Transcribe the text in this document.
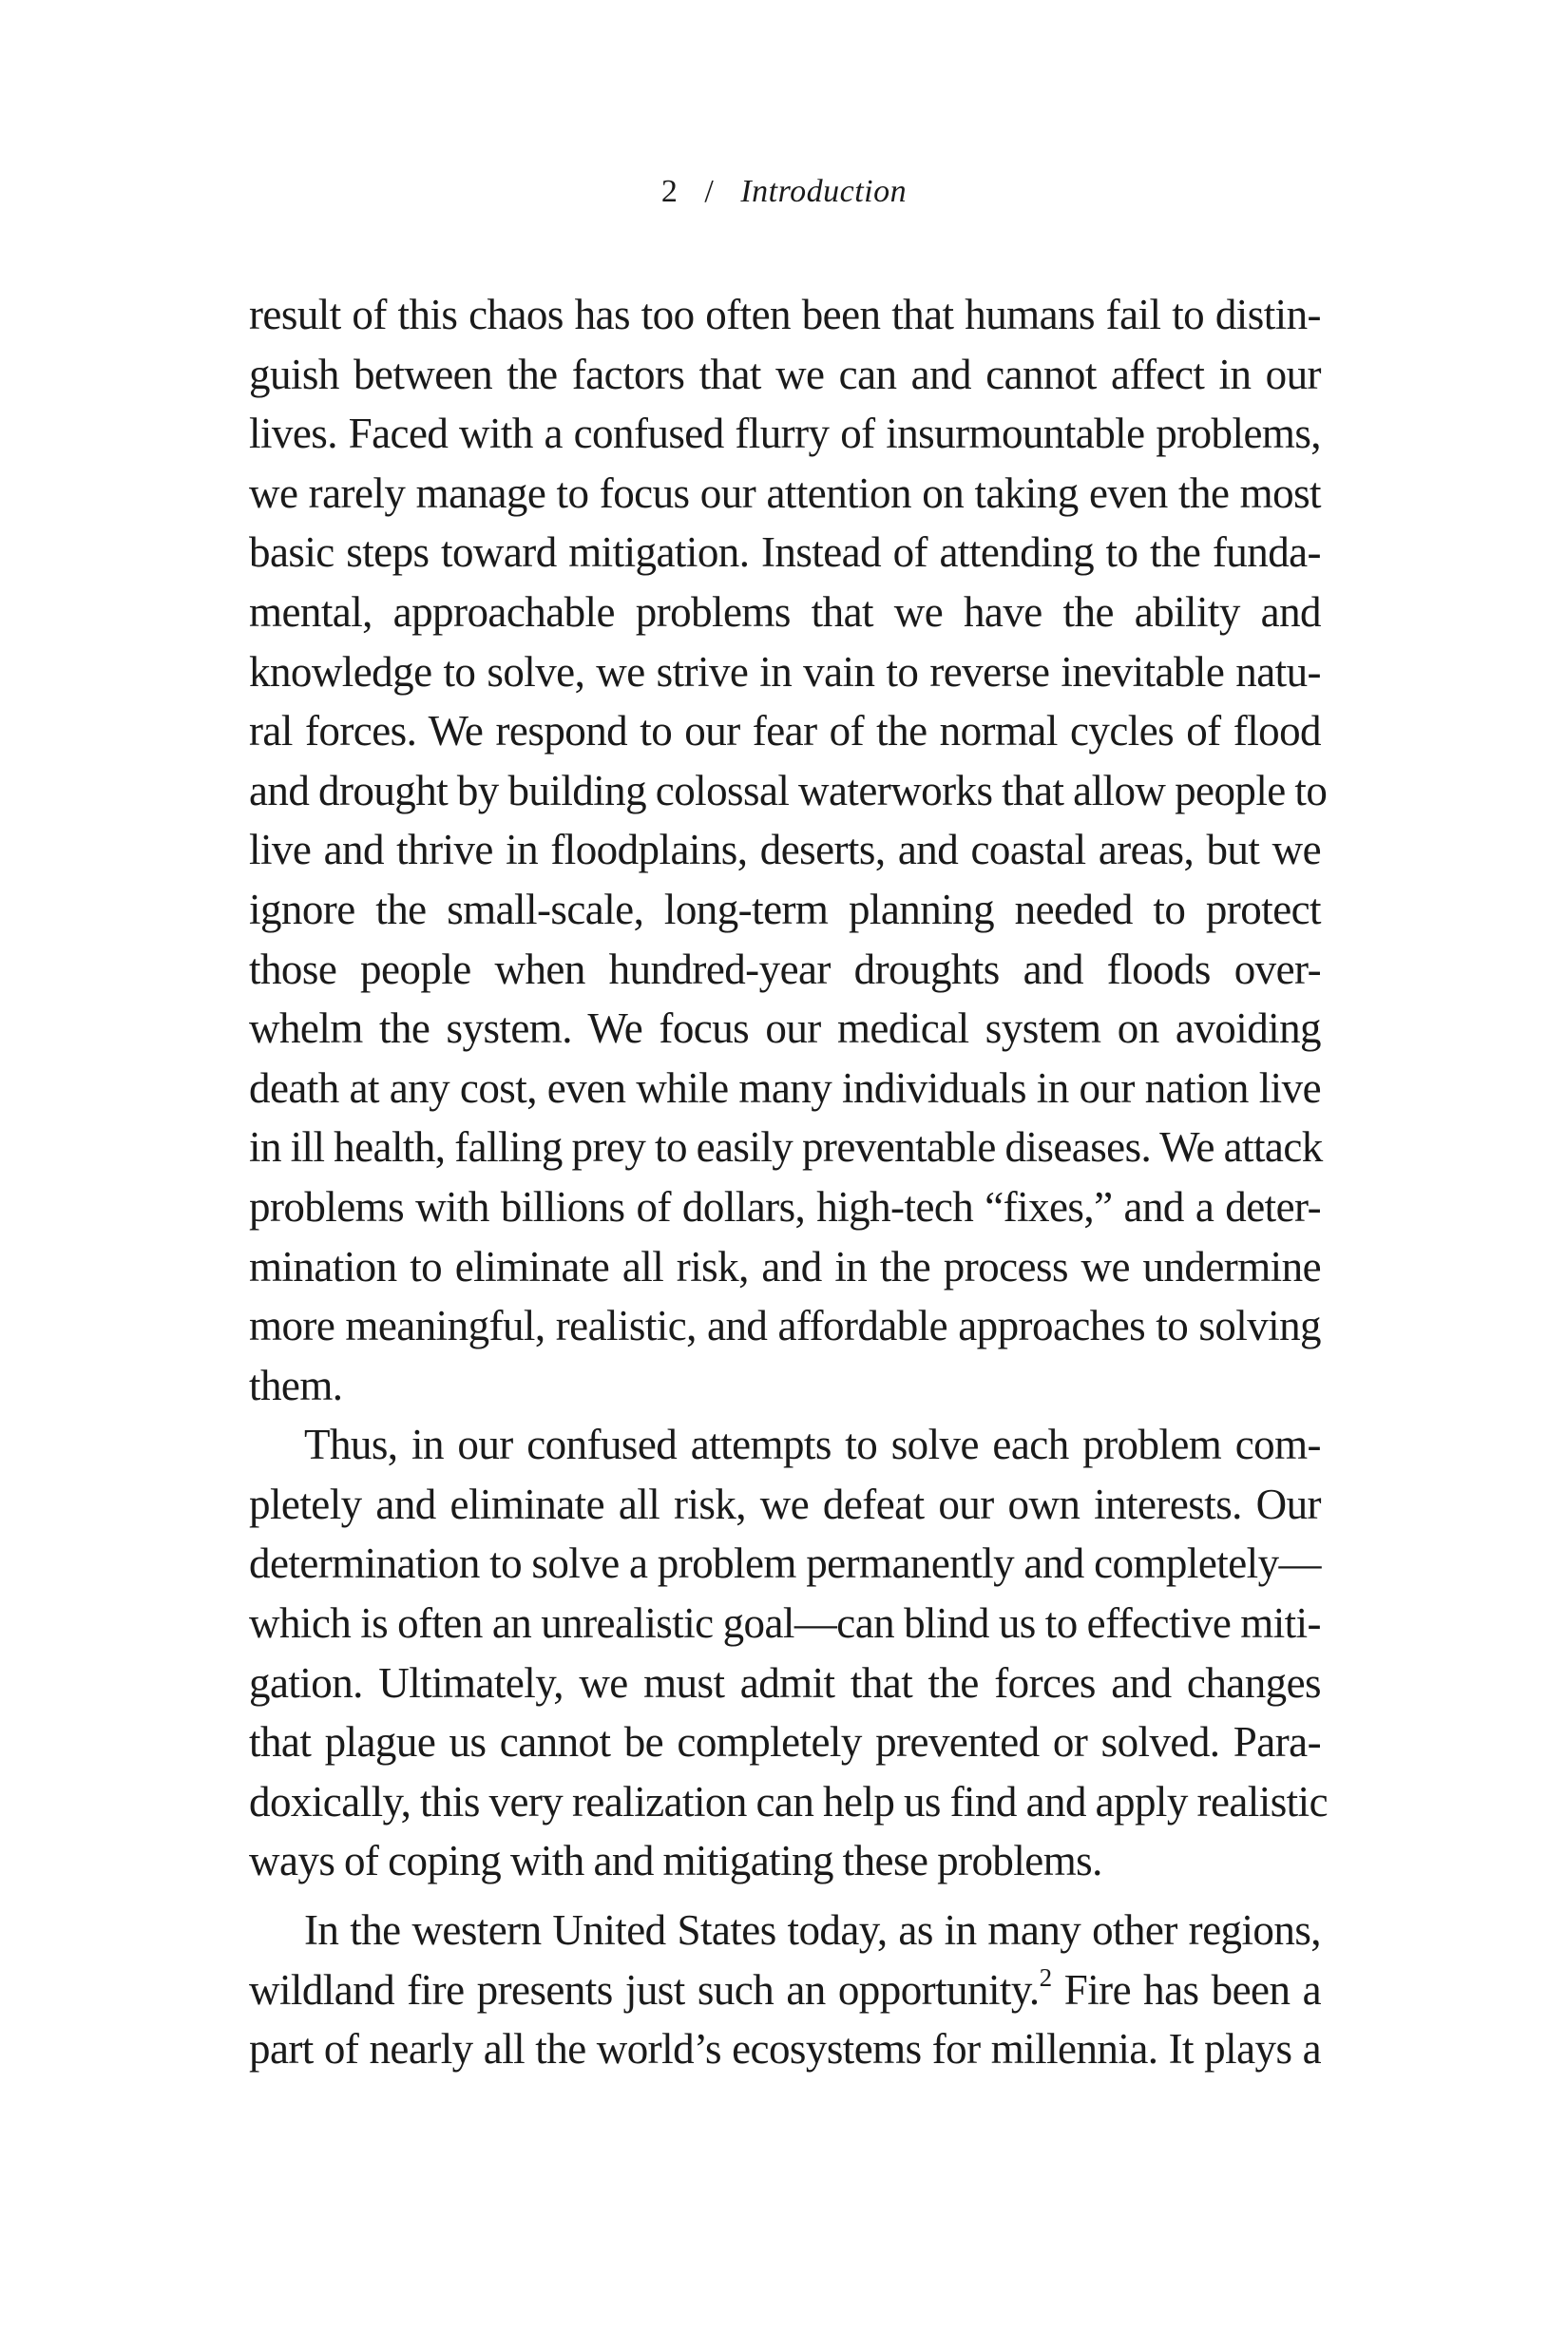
2 / Introduction
result of this chaos has too often been that humans fail to distin-
guish between the factors that we can and cannot affect in our
lives. Faced with a confused flurry of insurmountable problems,
we rarely manage to focus our attention on taking even the most
basic steps toward mitigation. Instead of attending to the funda-
mental, approachable problems that we have the ability and
knowledge to solve, we strive in vain to reverse inevitable natu-
ral forces. We respond to our fear of the normal cycles of flood
and drought by building colossal waterworks that allow people to
live and thrive in floodplains, deserts, and coastal areas, but we
ignore the small-scale, long-term planning needed to protect
those people when hundred-year droughts and floods over-
whelm the system. We focus our medical system on avoiding
death at any cost, even while many individuals in our nation live
in ill health, falling prey to easily preventable diseases. We attack
problems with billions of dollars, high-tech “fixes,” and a deter-
mination to eliminate all risk, and in the process we undermine
more meaningful, realistic, and affordable approaches to solving
them.
Thus, in our confused attempts to solve each problem com-
pletely and eliminate all risk, we defeat our own interests. Our
determination to solve a problem permanently and completely—
which is often an unrealistic goal—can blind us to effective miti-
gation. Ultimately, we must admit that the forces and changes
that plague us cannot be completely prevented or solved. Para-
doxically, this very realization can help us find and apply realistic
ways of coping with and mitigating these problems.
In the western United States today, as in many other regions,
wildland fire presents just such an opportunity.$^2$ Fire has been a
part of nearly all the world’s ecosystems for millennia. It plays a
